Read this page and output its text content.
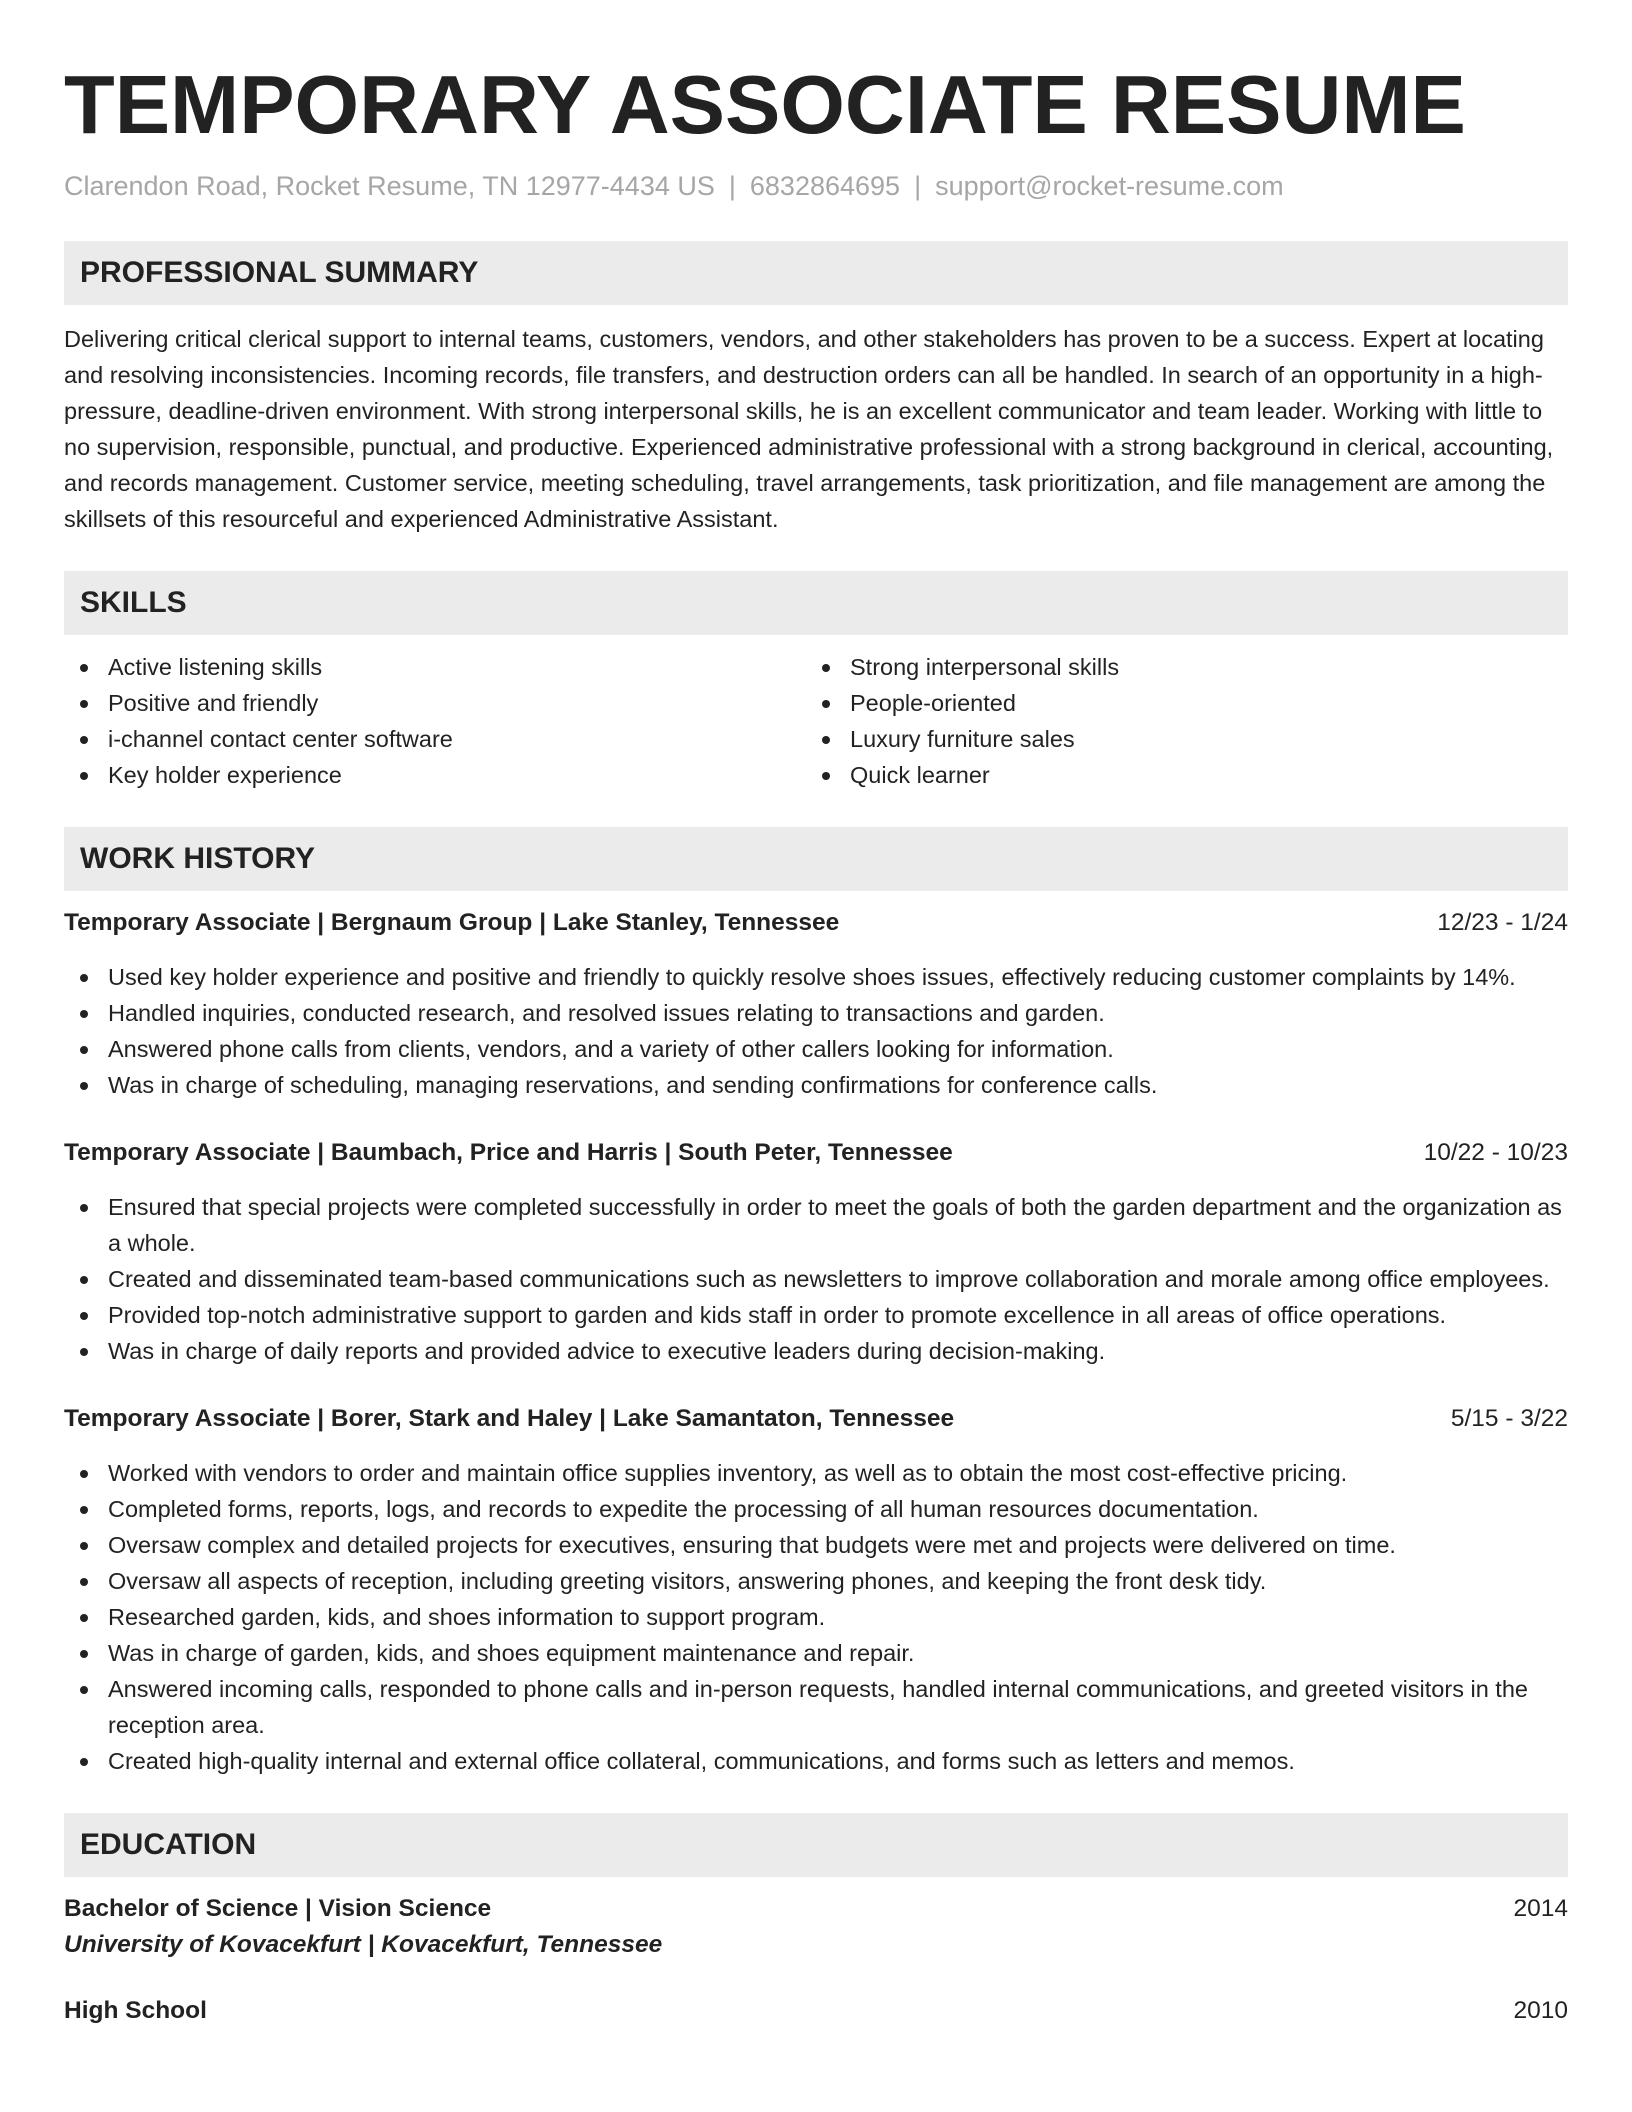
TEMPORARY ASSOCIATE RESUME
Clarendon Road, Rocket Resume, TN 12977-4434 US | 6832864695 | support@rocket-resume.com
PROFESSIONAL SUMMARY

Delivering critical clerical support to internal teams, customers, vendors, and other stakeholders has proven to be a success. Expert at locating and resolving inconsistencies. Incoming records, file transfers, and destruction orders can all be handled. In search of an opportunity in a high-pressure, deadline-driven environment. With strong interpersonal skills, he is an excellent communicator and team leader. Working with little to no supervision, responsible, punctual, and productive. Experienced administrative professional with a strong background in clerical, accounting, and records management. Customer service, meeting scheduling, travel arrangements, task prioritization, and file management are among the skillsets of this resourceful and experienced Administrative Assistant.

SKILLS
Active listening skills
Positive and friendly
i-channel contact center software
Key holder experience
Strong interpersonal skills
People-oriented
Luxury furniture sales
Quick learner
WORK HISTORY
Temporary Associate | Bergnaum Group | Lake Stanley, Tennessee	12/23 - 1/24
Used key holder experience and positive and friendly to quickly resolve shoes issues, effectively reducing customer complaints by 14%.
Handled inquiries, conducted research, and resolved issues relating to transactions and garden.
Answered phone calls from clients, vendors, and a variety of other callers looking for information.
Was in charge of scheduling, managing reservations, and sending confirmations for conference calls.
Temporary Associate | Baumbach, Price and Harris | South Peter, Tennessee	10/22 - 10/23
Ensured that special projects were completed successfully in order to meet the goals of both the garden department and the organization as a whole.
Created and disseminated team-based communications such as newsletters to improve collaboration and morale among office employees.
Provided top-notch administrative support to garden and kids staff in order to promote excellence in all areas of office operations.
Was in charge of daily reports and provided advice to executive leaders during decision-making.
Temporary Associate | Borer, Stark and Haley | Lake Samantaton, Tennessee	5/15 - 3/22
Worked with vendors to order and maintain office supplies inventory, as well as to obtain the most cost-effective pricing.
Completed forms, reports, logs, and records to expedite the processing of all human resources documentation.
Oversaw complex and detailed projects for executives, ensuring that budgets were met and projects were delivered on time.
Oversaw all aspects of reception, including greeting visitors, answering phones, and keeping the front desk tidy.
Researched garden, kids, and shoes information to support program.
Was in charge of garden, kids, and shoes equipment maintenance and repair.
Answered incoming calls, responded to phone calls and in-person requests, handled internal communications, and greeted visitors in the reception area.
Created high-quality internal and external office collateral, communications, and forms such as letters and memos.
EDUCATION
Bachelor of Science | Vision Science	2014
University of Kovacekfurt | Kovacekfurt, Tennessee
High School	2010
